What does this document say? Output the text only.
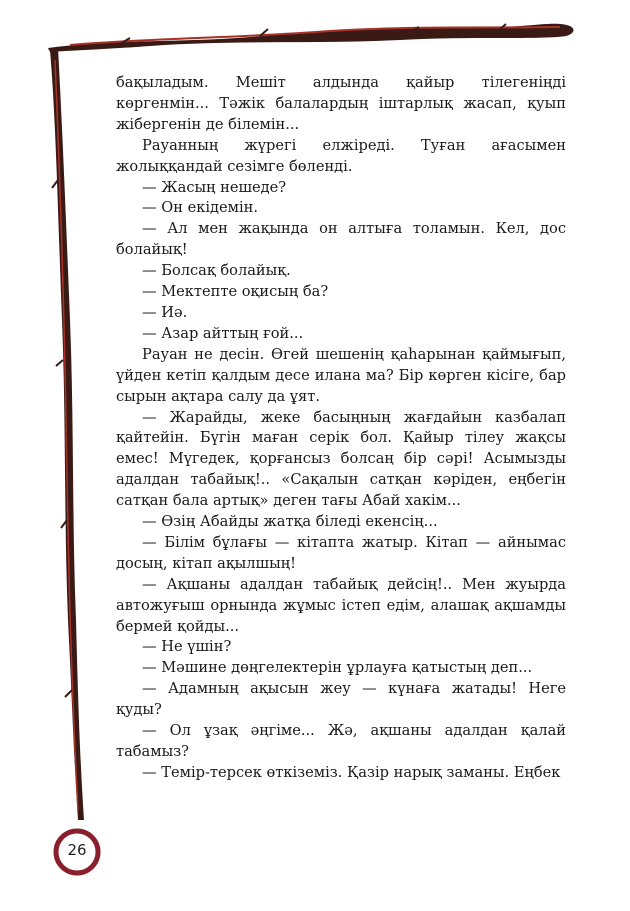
бақыладым. Мешіт алдында қайыр тілегеніңді көргенмін... Тәжік балалардың іштарлық жасап, қуып жібергенін де білемін...

Рауанның жүрегі елжіреді. Туған ағасымен жолыққандай сезімге бөленді.

— Жасың нешеде?

— Он екідемін.

— Ал мен жақында он алтыға толамын. Кел, дос болайық!

— Болсақ болайық.

— Мектепте оқисың ба?

— Иә.

— Азар айттың ғой...

Рауан не десін. Өгей шешенің қаһарынан қаймығып, үйден кетіп қалдым десе илана ма? Бір көрген кісіге, бар сырын ақтара салу да ұят.

— Жарайды, жеке басыңның жағдайын казбалап қайтейін. Бүгін маған серік бол. Қайыр тілеу жақсы емес! Мүгедек, қорғансыз болсаң бір сәрі! Асымызды адалдан табайық!.. «Сақалын сатқан кәріден, еңбегін сатқан бала артық» деген тағы Абай хакім...

— Өзің Абайды жатқа біледі екенсің...

— Білім бұлағы — кітапта жатыр. Кітап — айнымас досың, кітап ақылшың!

— Ақшаны адалдан табайық дейсің!.. Мен жуырда автожуғыш орнында жұмыс істеп едім, алашақ ақшамды бермей қойды...

— Не үшін?

— Мәшине дөңгелектерін ұрлауға қатыстың деп...

— Адамның ақысын жеу — күнаға жатады! Неге қуды?

— Ол ұзақ әңгіме... Жә, ақшаны адалдан қалай табамыз?

— Темір-терсек өткіземіз. Қазір нарық заманы. Еңбек

26
